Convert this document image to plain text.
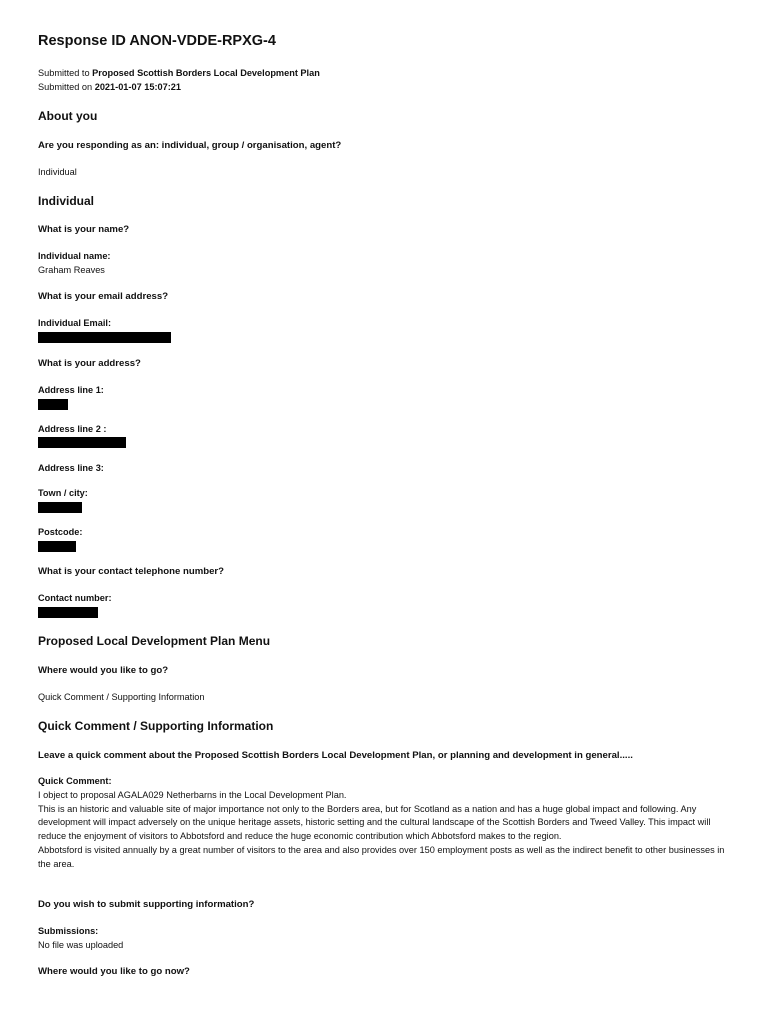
Response ID ANON-VDDE-RPXG-4
Submitted to Proposed Scottish Borders Local Development Plan
Submitted on 2021-01-07 15:07:21
About you
Are you responding as an: individual, group / organisation, agent?
Individual
Individual
What is your name?
Individual name:
Graham Reaves
What is your email address?
Individual Email:
What is your address?
Address line 1:
Address line 2 :
Address line 3:
Town / city:
Postcode:
What is your contact telephone number?
Contact number:
Proposed Local Development Plan Menu
Where would you like to go?
Quick Comment / Supporting Information
Quick Comment / Supporting Information
Leave a quick comment about the Proposed Scottish Borders Local Development Plan, or planning and development in general.....
Quick Comment:

I object to proposal AGALA029 Netherbarns in the Local Development Plan.

This is an historic and valuable site of major importance not only to the Borders area, but for Scotland as a nation and has a huge global impact and following. Any development will impact adversely on the unique heritage assets, historic setting and the cultural landscape of the Scottish Borders and Tweed Valley. This impact will reduce the enjoyment of visitors to Abbotsford and reduce the huge economic contribution which Abbotsford makes to the region.

Abbotsford is visited annually by a great number of visitors to the area and also provides over 150 employment posts as well as the indirect benefit to other businesses in the area.

Do you wish to submit supporting information?
Submissions:
No file was uploaded
Where would you like to go now?
